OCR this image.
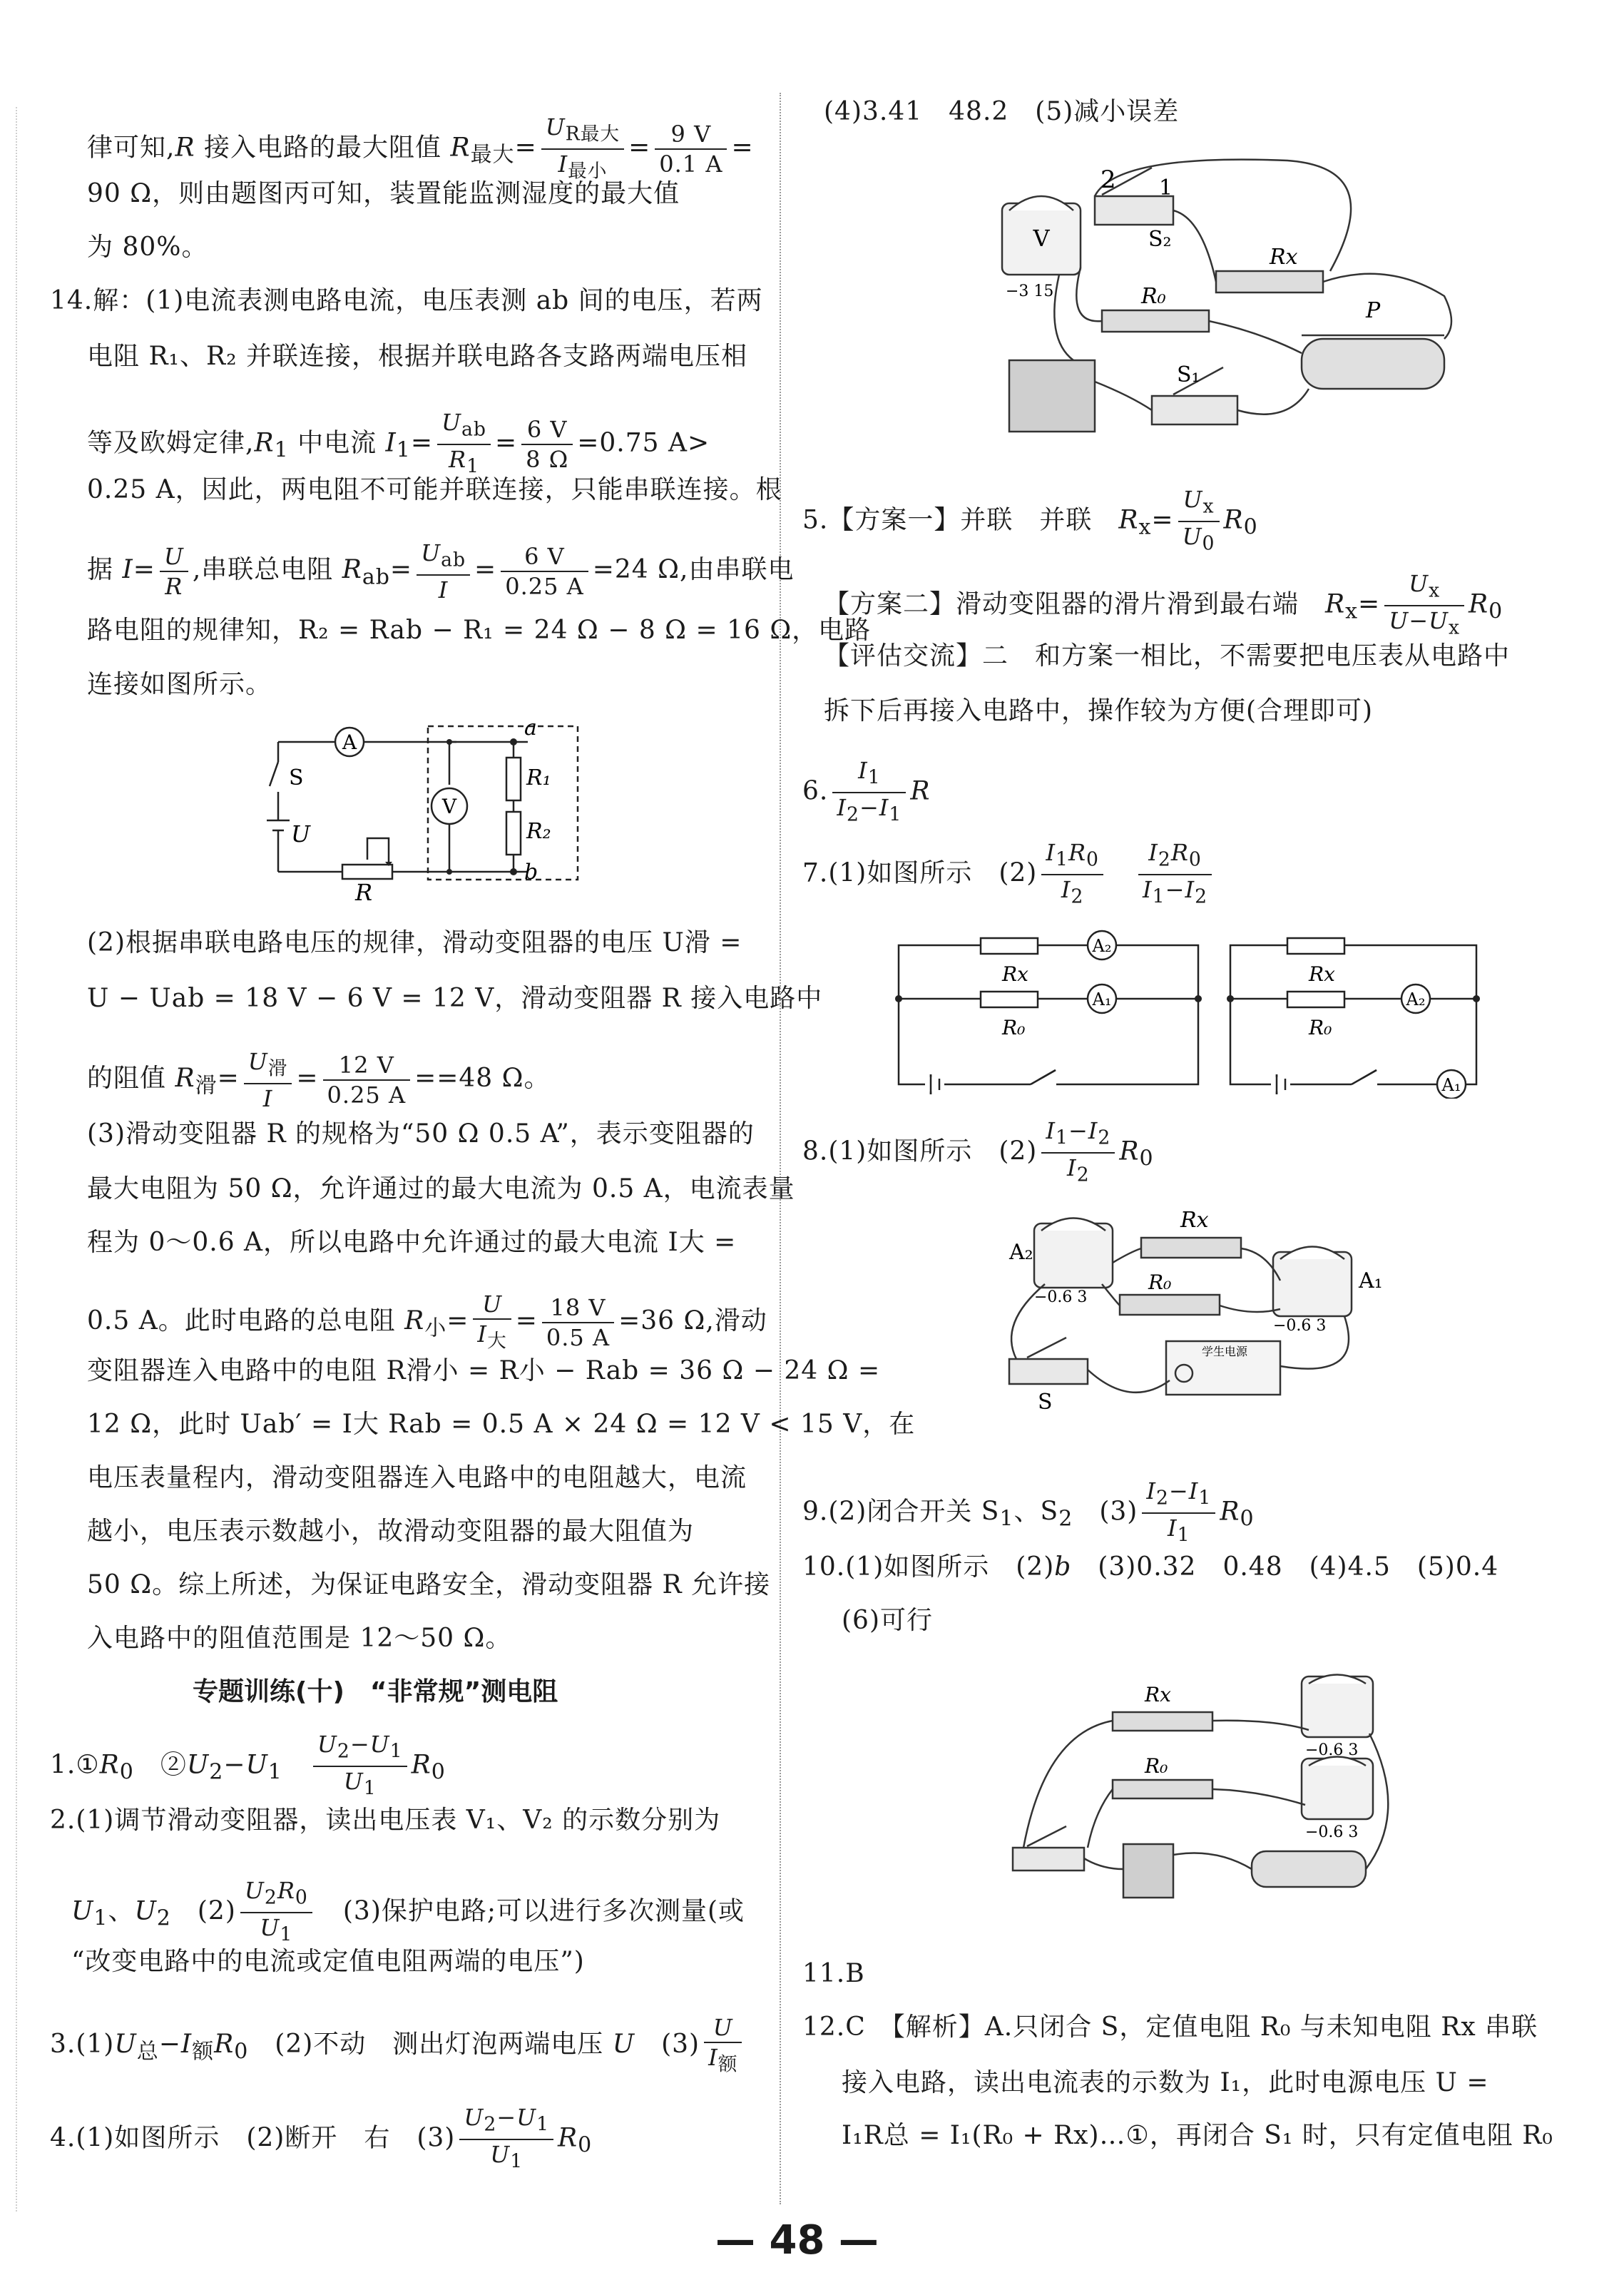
律可知,R 接入电路的最大阻值 $R_{最大}= \frac{U_{R最大}}{I_{最小}} = \frac{9 V}{0.1 A}$ =
90 Ω，则由题图丙可知，装置能监测湿度的最大值
为 80%。
14.解：(1)电流表测电路电流，电压表测 ab 间的电压，若两
电阻 R₁、R₂ 并联连接，根据并联电路各支路两端电压相
等及欧姆定律$,R_1$ 中电流 $I_1= \frac{U_{ab}}{R_1} = \frac{6 V}{8 \Omega} =0.75$ A>
0.25 A，因此，两电阻不可能并联连接，只能串联连接。根
据 $I= \frac{U}{R}$ ,串联总电阻 $R_{ab}= \frac{U_{ab}}{I} = \frac{6 V}{0.25 A} =24$ Ω,由串联电
路电阻的规律知，R₂ = Rab − R₁ = 24 Ω − 8 Ω = 16 Ω，电路
连接如图所示。
A
V
S
U
R
a
b
R₁
R₂
(2)根据串联电路电压的规律，滑动变阻器的电压 U滑 =
U − Uab = 18 V − 6 V = 12 V，滑动变阻器 R 接入电路中
的阻值 $R_滑= \frac{U_滑}{I} = \frac{12 V}{0.25 A} ==48$ Ω。
(3)滑动变阻器 R 的规格为“50 Ω 0.5 A”，表示变阻器的
最大电阻为 50 Ω，允许通过的最大电流为 0.5 A，电流表量
程为 0～0.6 A，所以电路中允许通过的最大电流 I大 =
0.5 A。此时电路的总电阻 $R_小= \frac{U}{I_大} = \frac{18 V}{0.5 A} =36$ Ω,滑动
变阻器连入电路中的电阻 R滑小 = R小 − Rab = 36 Ω − 24 Ω =
12 Ω，此时 Uab′ = I大 Rab = 0.5 A × 24 Ω = 12 V < 15 V，在
电压表量程内，滑动变阻器连入电路中的电阻越大，电流
越小，电压表示数越小，故滑动变阻器的最大阻值为
50 Ω。综上所述，为保证电路安全，滑动变阻器 R 允许接
入电路中的阻值范围是 12～50 Ω。
专题训练(十)　“非常规”测电阻
$1.①R_0$　$②U_2-U_1$　 $\frac{U_2-U_1}{U_1} R_0$
2.(1)调节滑动变阻器，读出电压表 V₁、V₂ 的示数分别为
$U_1$、$U_2$　$(2) \frac{U_2R_0}{U_1}$ 　(3)保护电路;可以进行多次测量(或
“改变电路中的电流或定值电阻两端的电压”)
$3.(1)U_总-I_额R_0$　(2)不动　测出灯泡两端电压 U　$(3) \frac{U}{I_额}$
4.(1)如图所示　(2)断开　右　$(3) \frac{U_2-U_1}{U_1} R_0$
(4)3.41　48.2　(5)减小误差
V
−3 15
2 1
S₂
Rx
R₀
P
S₁
5.【方案一】并联　并联　$R_x= \frac{U_x}{U_0} R_0$
【方案二】滑动变阻器的滑片滑到最右端　$R_x= \frac{U_x}{U-U_x} R_0$
【评估交流】二　和方案一相比，不需要把电压表从电路中
拆下后再接入电路中，操作较为方便(合理即可)
6. $\frac{I_1}{I_2-I_1}$ R
7.(1)如图所示　$(2) \frac{I_1R_0}{I_2}$
　 $\frac{I_2R_0}{I_1-I_2}$
Rx
R₀
A₂
A₁
Rx
R₀
A₂
A₁
8.(1)如图所示　$(2) \frac{I_1-I_2}{I_2} R_0$
A₂
A₁
Rx
R₀
−0.6 3
−0.6 3
S
学生电源
9.(2)闭合开关 $S_1$、$S_2$　$(3) \frac{I_2-I_1}{I_1} R_0$
10.(1)如图所示　(2)b　(3)0.32　0.48　(4)4.5　(5)0.4
(6)可行
Rx
R₀
−0.6 3
−0.6 3
11.B
12.C　【解析】A.只闭合 S，定值电阻 R₀ 与未知电阻 Rx 串联
接入电路，读出电流表的示数为 I₁，此时电源电压 U =
I₁R总 = I₁(R₀ + Rx)…①，再闭合 S₁ 时，只有定值电阻 R₀
— 48 —
